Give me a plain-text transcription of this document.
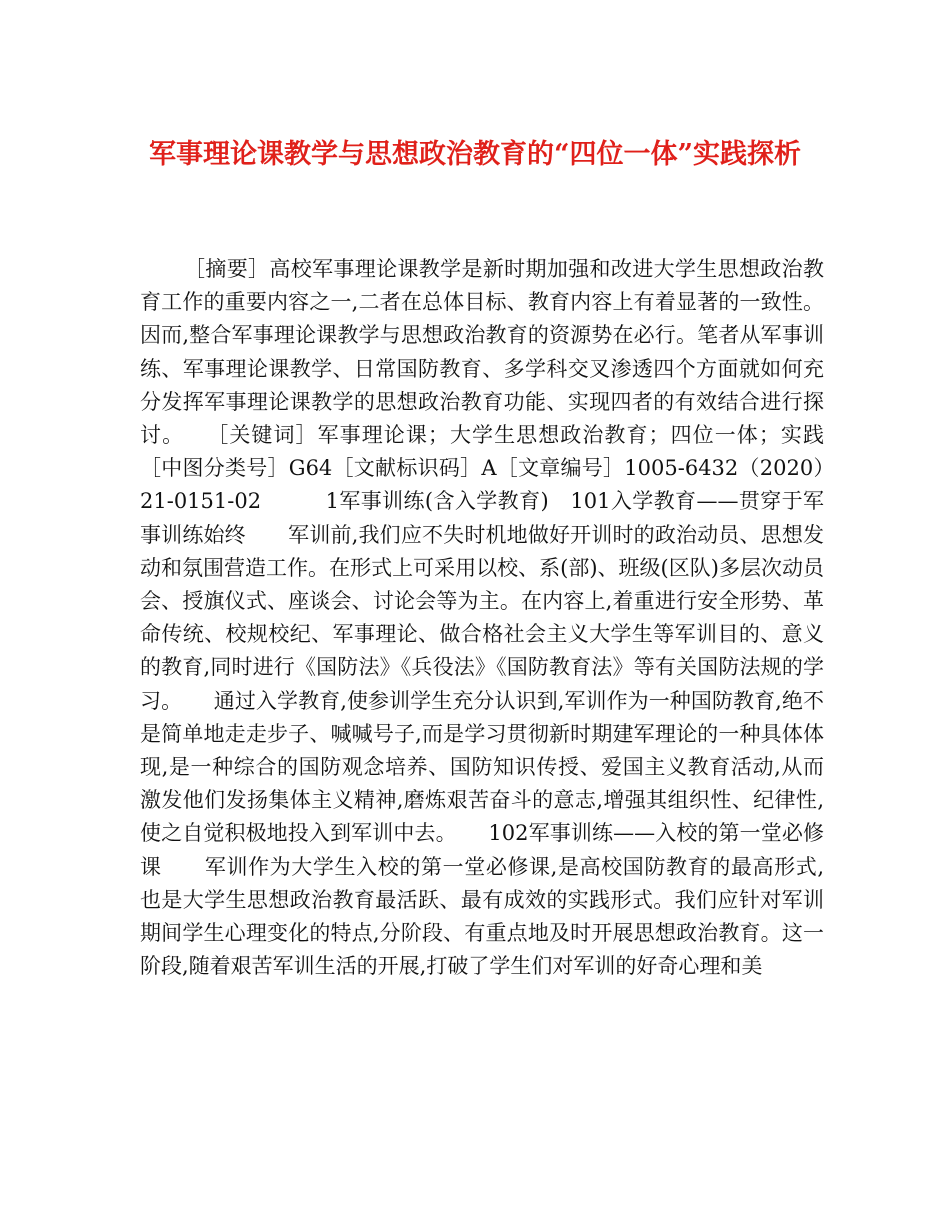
军事理论课教学与思想政治教育的“四位一体”实践探析

［摘要］高校军事理论课教学是新时期加强和改进大学生思想政治教育工作的重要内容之一,二者在总体目标、教育内容上有着显著的一致性。因而,整合军事理论课教学与思想政治教育的资源势在必行。笔者从军事训练、军事理论课教学、日常国防教育、多学科交叉渗透四个方面就如何充分发挥军事理论课教学的思想政治教育功能、实现四者的有效结合进行探讨。　　［关键词］军事理论课；大学生思想政治教育；四位一体；实践　　［中图分类号］G64［文献标识码］A［文章编号］1005-6432（2020）21-0151-02　　　1军事训练(含入学教育)　101入学教育——贯穿于军事训练始终　　军训前,我们应不失时机地做好开训时的政治动员、思想发动和氛围营造工作。在形式上可采用以校、系(部)、班级(区队)多层次动员会、授旗仪式、座谈会、讨论会等为主。在内容上,着重进行安全形势、革命传统、校规校纪、军事理论、做合格社会主义大学生等军训目的、意义的教育,同时进行《国防法》《兵役法》《国防教育法》等有关国防法规的学习。　　通过入学教育,使参训学生充分认识到,军训作为一种国防教育,绝不是简单地走走步子、喊喊号子,而是学习贯彻新时期建军理论的一种具体体现,是一种综合的国防观念培养、国防知识传授、爱国主义教育活动,从而激发他们发扬集体主义精神,磨炼艰苦奋斗的意志,增强其组织性、纪律性,使之自觉积极地投入到军训中去。　　102军事训练——入校的第一堂必修课　　军训作为大学生入校的第一堂必修课,是高校国防教育的最高形式,也是大学生思想政治教育最活跃、最有成效的实践形式。我们应针对军训期间学生心理变化的特点,分阶段、有重点地及时开展思想政治教育。这一阶段,随着艰苦军训生活的开展,打破了学生们对军训的好奇心理和美
